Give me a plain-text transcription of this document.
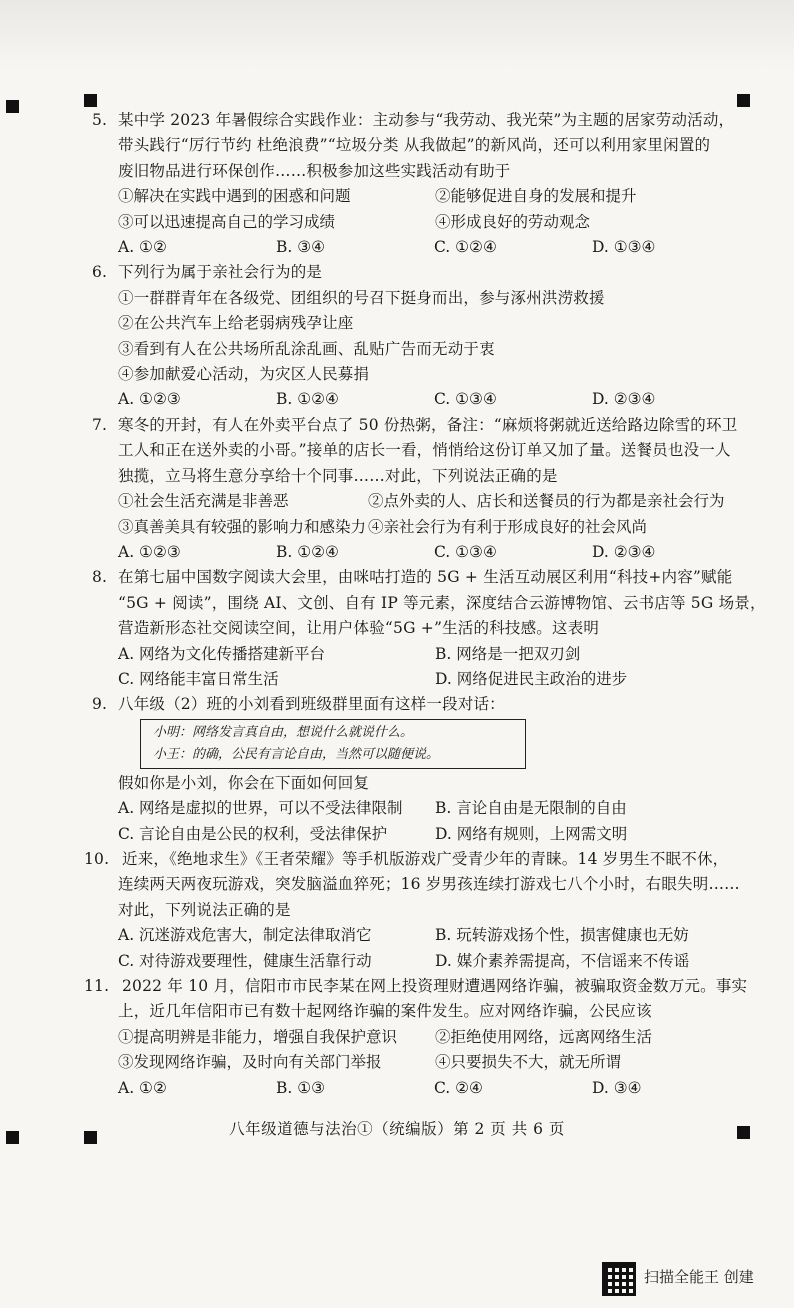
5. 某中学 2023 年暑假综合实践作业：主动参与“我劳动、我光荣”为主题的居家劳动活动，
带头践行“厉行节约 杜绝浪费”“垃圾分类 从我做起”的新风尚，还可以利用家里闲置的
废旧物品进行环保创作……积极参加这些实践活动有助于
①解决在实践中遇到的困惑和问题	②能够促进自身的发展和提升
③可以迅速提高自己的学习成绩	④形成良好的劳动观念
A. ①②	B. ③④	C. ①②④	D. ①③④
6. 下列行为属于亲社会行为的是
①一群群青年在各级党、团组织的号召下挺身而出，参与涿州洪涝救援
②在公共汽车上给老弱病残孕让座
③看到有人在公共场所乱涂乱画、乱贴广告而无动于衷
④参加献爱心活动，为灾区人民募捐
A. ①②③	B. ①②④	C. ①③④	D. ②③④
7. 寒冬的开封，有人在外卖平台点了 50 份热粥，备注：“麻烦将粥就近送给路边除雪的环卫
工人和正在送外卖的小哥。”接单的店长一看，悄悄给这份订单又加了量。送餐员也没一人
独揽，立马将生意分享给十个同事……对此，下列说法正确的是
①社会生活充满是非善恶	②点外卖的人、店长和送餐员的行为都是亲社会行为
③真善美具有较强的影响力和感染力 ④亲社会行为有利于形成良好的社会风尚
A. ①②③	B. ①②④	C. ①③④	D. ②③④
8. 在第七届中国数字阅读大会里，由咪咕打造的 5G + 生活互动展区利用“科技+内容”赋能
“5G + 阅读”，围绕 AI、文创、自有 IP 等元素，深度结合云游博物馆、云书店等 5G 场景，
营造新形态社交阅读空间，让用户体验“5G +”生活的科技感。这表明
A. 网络为文化传播搭建新平台	B. 网络是一把双刃剑
C. 网络能丰富日常生活	D. 网络促进民主政治的进步
9. 八年级（2）班的小刘看到班级群里面有这样一段对话：
小明：网络发言真自由，想说什么就说什么。
小王：的确，公民有言论自由，当然可以随便说。
假如你是小刘，你会在下面如何回复
A. 网络是虚拟的世界，可以不受法律限制	B. 言论自由是无限制的自由
C. 言论自由是公民的权利，受法律保护	D. 网络有规则，上网需文明
10. 近来，《绝地求生》《王者荣耀》等手机版游戏广受青少年的青睐。14 岁男生不眠不休，
连续两天两夜玩游戏，突发脑溢血猝死；16 岁男孩连续打游戏七八个小时，右眼失明……
对此，下列说法正确的是
A. 沉迷游戏危害大，制定法律取消它	B. 玩转游戏扬个性，损害健康也无妨
C. 对待游戏要理性，健康生活靠行动	D. 媒介素养需提高，不信谣来不传谣
11. 2022 年 10 月，信阳市市民李某在网上投资理财遭遇网络诈骗，被骗取资金数万元。事实
上，近几年信阳市已有数十起网络诈骗的案件发生。应对网络诈骗，公民应该
①提高明辨是非能力，增强自我保护意识	②拒绝使用网络，远离网络生活
③发现网络诈骗，及时向有关部门举报	④只要损失不大，就无所谓
A. ①②	B. ①③	C. ②④	D. ③④
八年级道德与法治①（统编版）第 2 页 共 6 页
扫描全能王 创建
